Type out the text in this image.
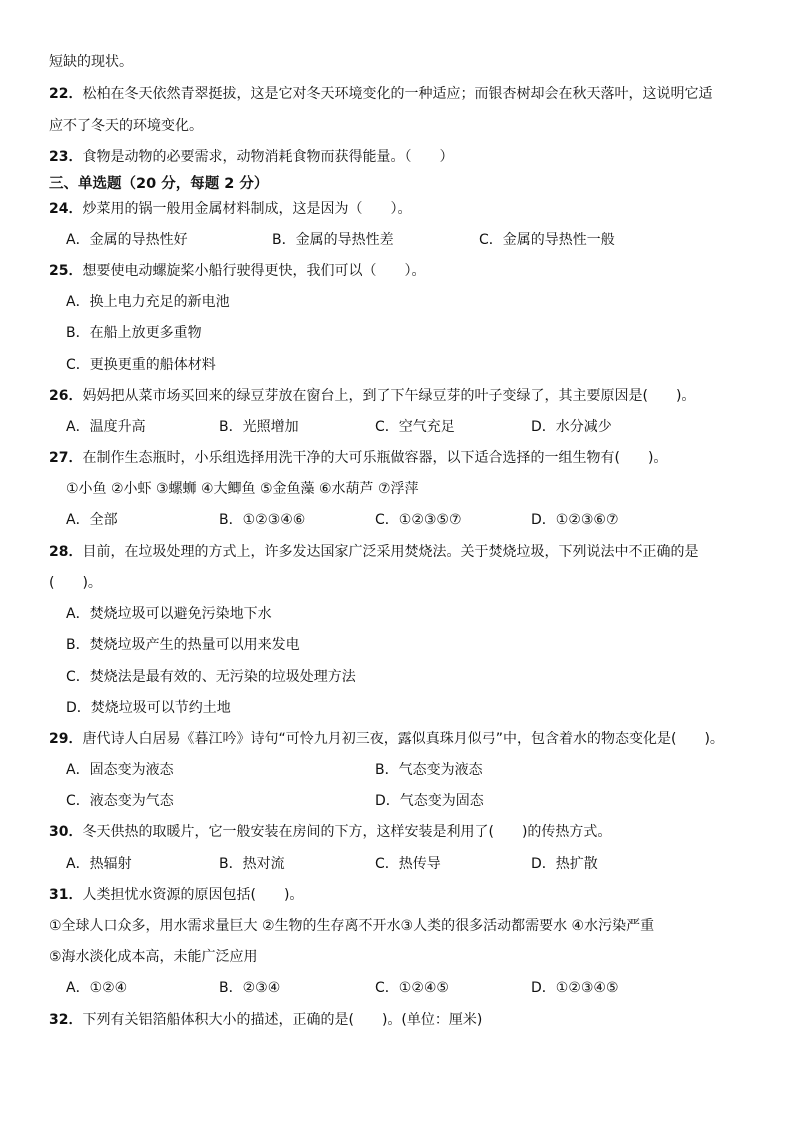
短缺的现状。
22．松柏在冬天依然青翠挺拔，这是它对冬天环境变化的一种适应；而银杏树却会在秋天落叶，这说明它适
应不了冬天的环境变化。
23．食物是动物的必要需求，动物消耗食物而获得能量。（　　）
三、单选题（20 分，每题 2 分）
24．炒菜用的锅一般用金属材料制成，这是因为（　　）。
A．金属的导热性好	B．金属的导热性差	C．金属的导热性一般
25．想要使电动螺旋桨小船行驶得更快，我们可以（　　）。
A．换上电力充足的新电池
B．在船上放更多重物
C．更换更重的船体材料
26．妈妈把从菜市场买回来的绿豆芽放在窗台上，到了下午绿豆芽的叶子变绿了，其主要原因是(　　)。
A．温度升高	B．光照增加	C．空气充足	D．水分减少
27．在制作生态瓶时，小乐组选择用洗干净的大可乐瓶做容器，以下适合选择的一组生物有(　　)。
①小鱼 ②小虾 ③螺蛳 ④大鲫鱼 ⑤金鱼藻 ⑥水葫芦 ⑦浮萍
A．全部	B．①②③④⑥	C．①②③⑤⑦	D．①②③⑥⑦
28．目前，在垃圾处理的方式上，许多发达国家广泛采用焚烧法。关于焚烧垃圾，下列说法中不正确的是
(　　)。
A．焚烧垃圾可以避免污染地下水
B．焚烧垃圾产生的热量可以用来发电
C．焚烧法是最有效的、无污染的垃圾处理方法
D．焚烧垃圾可以节约土地
29．唐代诗人白居易《暮江吟》诗句“可怜九月初三夜，露似真珠月似弓”中，包含着水的物态变化是(　　)。
A．固态变为液态	B．气态变为液态
C．液态变为气态	D．气态变为固态
30．冬天供热的取暖片，它一般安装在房间的下方，这样安装是利用了(　　)的传热方式。
A．热辐射	B．热对流	C．热传导	D．热扩散
31．人类担忧水资源的原因包括(　　)。
①全球人口众多，用水需求量巨大 ②生物的生存离不开水③人类的很多活动都需要水 ④水污染严重
⑤海水淡化成本高，未能广泛应用
A．①②④	B．②③④	C．①②④⑤	D．①②③④⑤
32．下列有关铝箔船体积大小的描述，正确的是(　　)。(单位：厘米)
